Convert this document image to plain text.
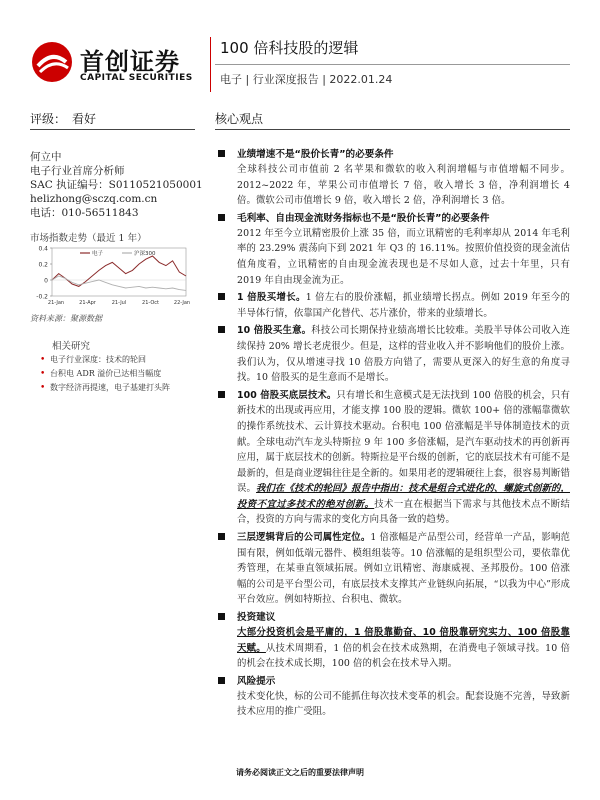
首创证券
CAPITAL SECURITIES
100 倍科技股的逻辑
电子 | 行业深度报告 | 2022.01.24
评级： 看好	核心观点
何立中
电子行业首席分析师
SAC 执证编号：S0110521050001
helizhong@sczq.com.cn
电话：010-56511843
市场指数走势（最近 1 年）
0.4
0.2
0
-0.2
电子	沪深300
21-Jan	21-Apr	21-Jul	21-Oct	22-Jan
资料来源：聚源数据
相关研究
• 电子行业深度：技术的轮回
• 台积电 ADR 溢价已达相当幅度
• 数字经济再提速，电子基建打头阵
业绩增速不是“股价长青”的必要条件
全球科技公司市值前 2 名苹果和微软的收入利润增幅与市值增幅不同步。2012~2022 年，苹果公司市值增长 7 倍，收入增长 3 倍，净利润增长 4 倍。微软公司市值增长 9 倍，收入增长 2 倍，净利润增长 3 倍。
毛利率、自由现金流财务指标也不是“股价长青”的必要条件
2012 年至今立讯精密股价上涨 35 倍，而立讯精密的毛利率却从 2014 年毛利率的 23.29% 震荡向下到 2021 年 Q3 的 16.11%。按照价值投资的现金流估值角度看，立讯精密的自由现金流表现也是不尽如人意，过去十年里，只有 2019 年自由现金流为正。
1 倍股买增长。1 倍左右的股价涨幅，抓业绩增长拐点。例如 2019 年至今的半导体行情，依靠国产化替代、芯片涨价，带来的业绩增长。
10 倍股买生意。科技公司长期保持业绩高增长比较难。美股半导体公司收入连续保持 20% 增长老虎很少。但是，这样的营业收入并不影响他们的股价上涨。我们认为，仅从增速寻找 10 倍股方向错了，需要从更深入的好生意的角度寻找。10 倍股买的是生意而不是增长。
100 倍股买底层技术。只有增长和生意模式是无法找到 100 倍股的机会，只有新技术的出现或再应用，才能支撑 100 股的逻辑。微软 100+ 倍的涨幅靠微软的操作系统技术、云计算技术驱动。台积电 100 倍涨幅是半导体制造技术的贡献。全球电动汽车龙头特斯拉 9 年 100 多倍涨幅，是汽车驱动技术的再创新再应用，属于底层技术的创新。特斯拉是平台级的创新，它的底层技术有可能不是最新的，但是商业逻辑往往是全新的。如果用老的逻辑硬往上套，很容易判断错误。我们在《技术的轮回》报告中指出：技术是组合式进化的、螺旋式创新的，投资不宜过多技术的绝对创新。技术一直在根据当下需求与其他技术点不断结合，投资的方向与需求的变化方向具备一致的趋势。
三层逻辑背后的公司属性定位。1 倍涨幅是产品型公司，经营单一产品，影响范围有限，例如低端元器件、模组组装等。10 倍涨幅的是组织型公司，要依靠优秀管理，在某垂直领域拓展。例如立讯精密、海康威视、圣邦股份。100 倍涨幅的公司是平台型公司，有底层技术支撑其产业链纵向拓展，“以我为中心”形成平台效应。例如特斯拉、台积电、微软。
投资建议
大部分投资机会是平庸的，1 倍股靠勤奋、10 倍股靠研究实力、100 倍股靠天赋。从技术周期看，1 倍的机会在技术成熟期，在消费电子领域寻找。10 倍的机会在技术成长期，100 倍的机会在技术导入期。
风险提示
技术变化快，标的公司不能抓住每次技术变革的机会。配套设施不完善，导致新技术应用的推广受阻。
请务必阅读正文之后的重要法律声明
